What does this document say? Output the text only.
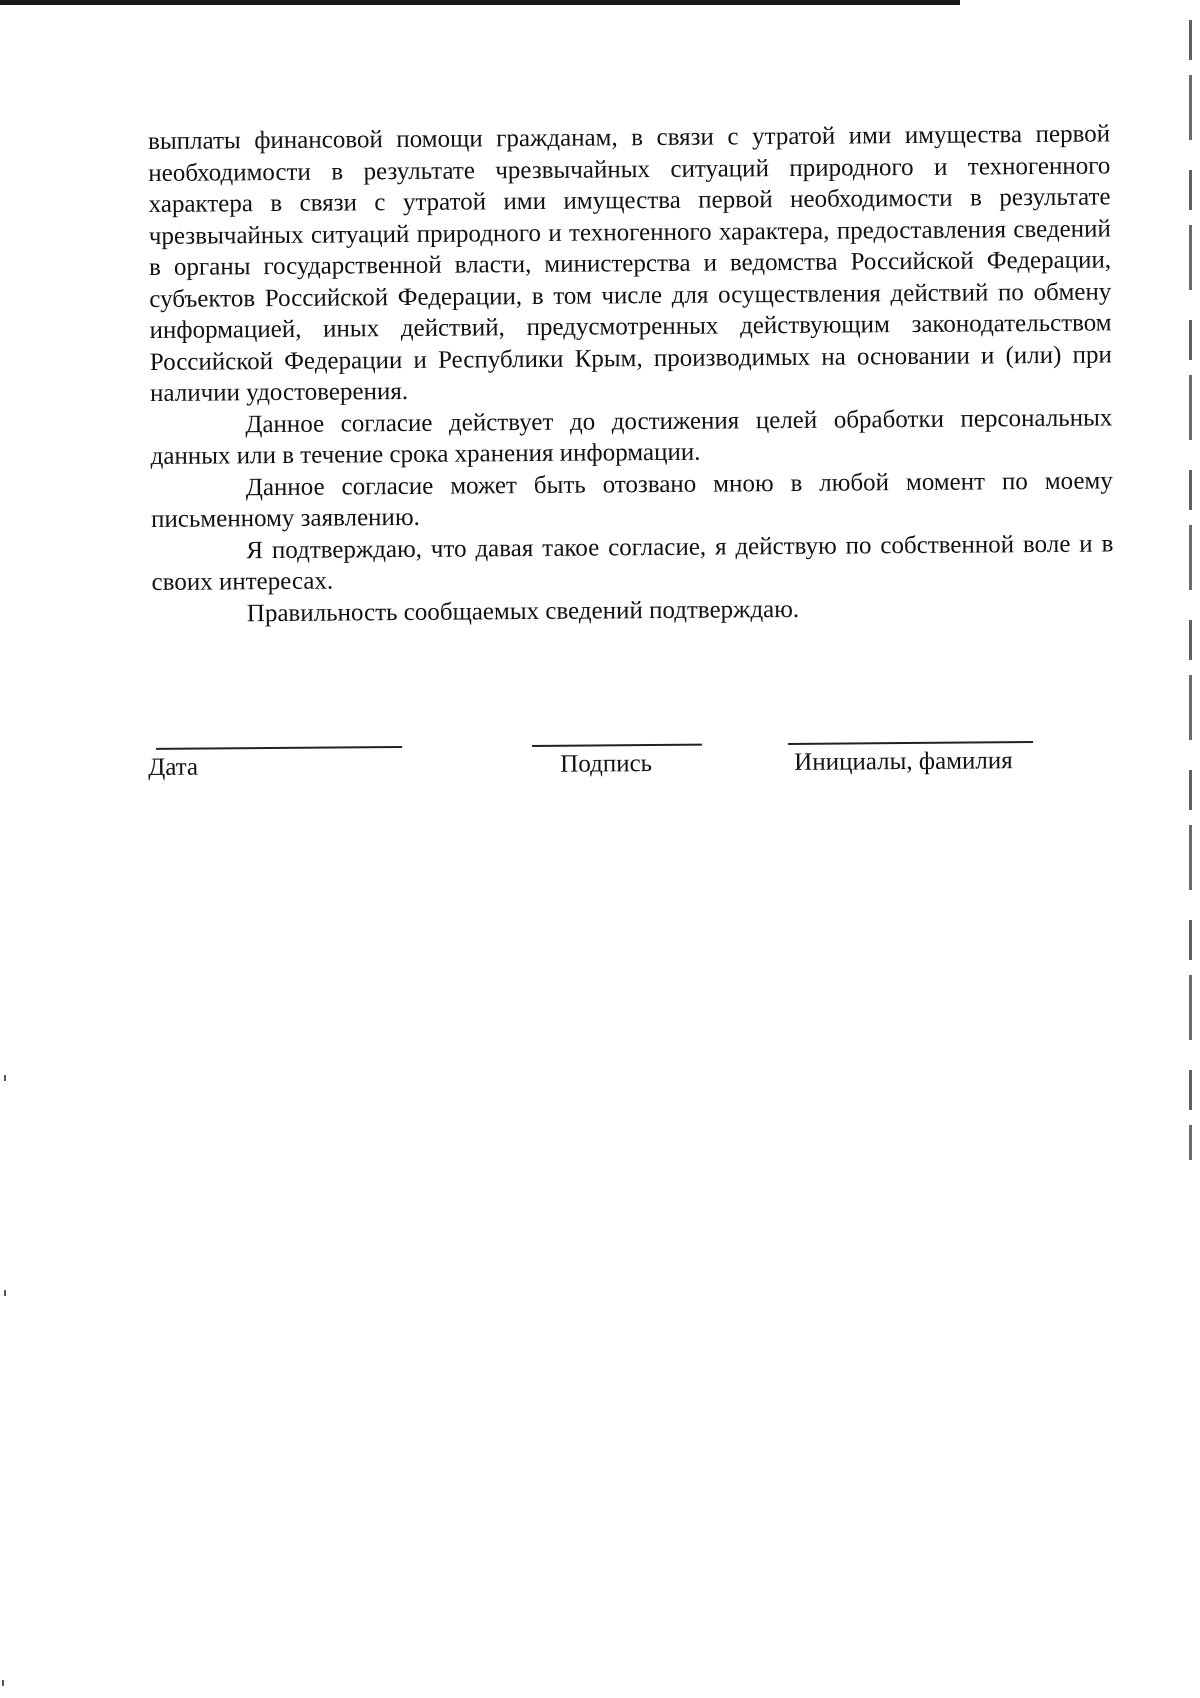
выплаты финансовой помощи гражданам, в связи с утратой ими имущества первой необходимости в результате чрезвычайных ситуаций природного и техногенного характера в связи с утратой ими имущества первой необходимости в результате чрезвычайных ситуаций природного и техногенного характера, предоставления сведений в органы государственной власти, министерства и ведомства Российской Федерации, субъектов Российской Федерации, в том числе для осуществления действий по обмену информацией, иных действий, предусмотренных действующим законодательством Российской Федерации и Республики Крым, производимых на основании и (или) при наличии удостоверения.

Данное согласие действует до достижения целей обработки персональных данных или в течение срока хранения информации.

Данное согласие может быть отозвано мною в любой момент по моему письменному заявлению.

Я подтверждаю, что давая такое согласие, я действую по собственной воле и в своих интересах.

Правильность сообщаемых сведений подтверждаю.

Дата	Подпись	Инициалы, фамилия
